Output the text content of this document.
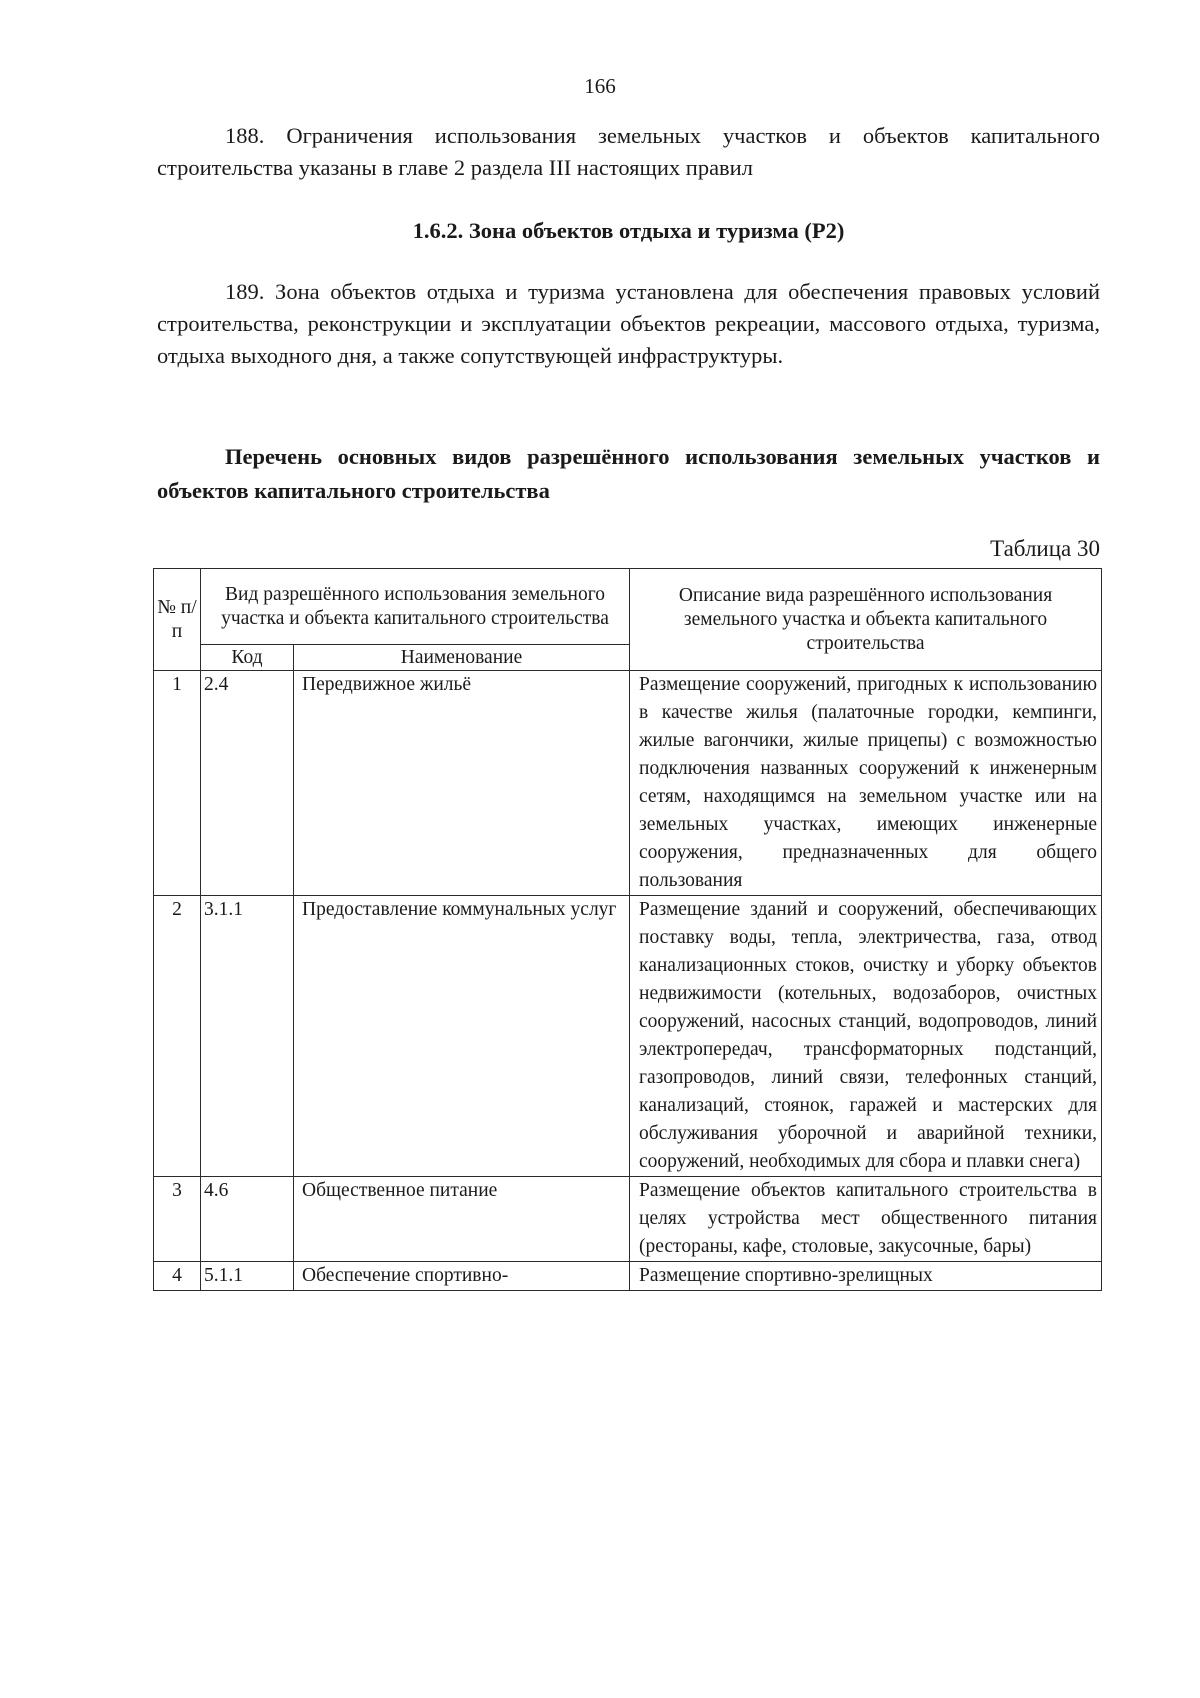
166

188. Ограничения использования земельных участков и объектов капитального строительства указаны в главе 2 раздела III настоящих правил

1.6.2. Зона объектов отдыха и туризма (Р2)

189. Зона объектов отдыха и туризма установлена для обеспечения правовых условий строительства, реконструкции и эксплуатации объектов рекреации, массового отдыха, туризма, отдыха выходного дня, а также сопутствующей инфраструктуры.

Перечень основных видов разрешённого использования земельных участков и объектов капитального строительства
Таблица 30
№ п/п	Вид разрешённого использования земельного участка и объекта капитального строительства		Описание вида разрешённого использования земельного участка и объекта капитального строительства
	Код	Наименование	
1	2.4	Передвижное жильё	Размещение сооружений, пригодных к использованию в качестве жилья (палаточные городки, кемпинги, жилые вагончики, жилые прицепы) с возможностью подключения названных сооружений к инженерным сетям, находящимся на земельном участке или на земельных участках, имеющих инженерные сооружения, предназначенных для общего пользования
2	3.1.1	Предоставление коммунальных услуг	Размещение зданий и сооружений, обеспечивающих поставку воды, тепла, электричества, газа, отвод канализационных стоков, очистку и уборку объектов недвижимости (котельных, водозаборов, очистных сооружений, насосных станций, водопроводов, линий электропередач, трансформаторных подстанций, газопроводов, линий связи, телефонных станций, канализаций, стоянок, гаражей и мастерских для обслуживания уборочной и аварийной техники, сооружений, необходимых для сбора и плавки снега)
3	4.6	Общественное питание	Размещение объектов капитального строительства в целях устройства мест общественного питания (рестораны, кафе, столовые, закусочные, бары)
4	5.1.1	Обеспечение спортивно-	Размещение спортивно-зрелищных
